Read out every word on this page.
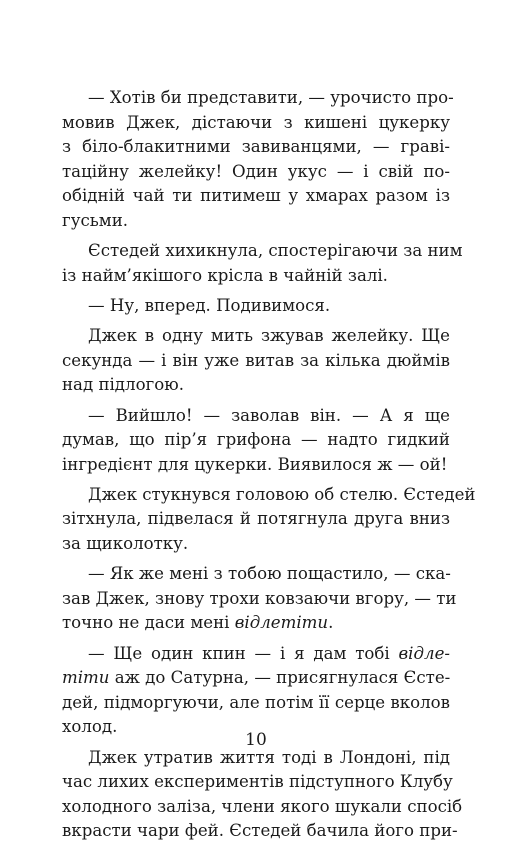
— Хотів би представити, — урочисто про-
мовив Джек, дістаючи з кишені цукерку
з біло-блакитними завиванцями, — граві-
таційну желейку! Один укус — і свій по-
обідній чай ти питимеш у хмарах разом із
гусьми.
Єстедей хихикнула, спостерігаючи за ним
із найм’якішого крісла в чайній залі.
— Ну, вперед. Подивимося.
Джек в одну мить зжував желейку. Ще
секунда — і він уже витав за кілька дюймів
над підлогою.
— Вийшло! — заволав він. — А я ще
думав, що пір’я грифона — надто гидкий
інгредієнт для цукерки. Виявилося ж — ой!
Джек стукнувся головою об стелю. Єстедей
зітхнула, підвелася й потягнула друга вниз
за щиколотку.
— Як же мені з тобою пощастило, — ска-
зав Джек, знову трохи ковзаючи вгору, — ти
точно не даси мені відлетіти.
— Ще один кпин — і я дам тобі відле-
тіти аж до Сатурна, — присягнулася Єсте-
дей, підморгуючи, але потім її серце вколов
холод.
Джек утратив життя тоді в Лондоні, під
час лихих експериментів підступного Клубу
холодного заліза, члени якого шукали спосіб
вкрасти чари фей. Єстедей бачила його при-
10
